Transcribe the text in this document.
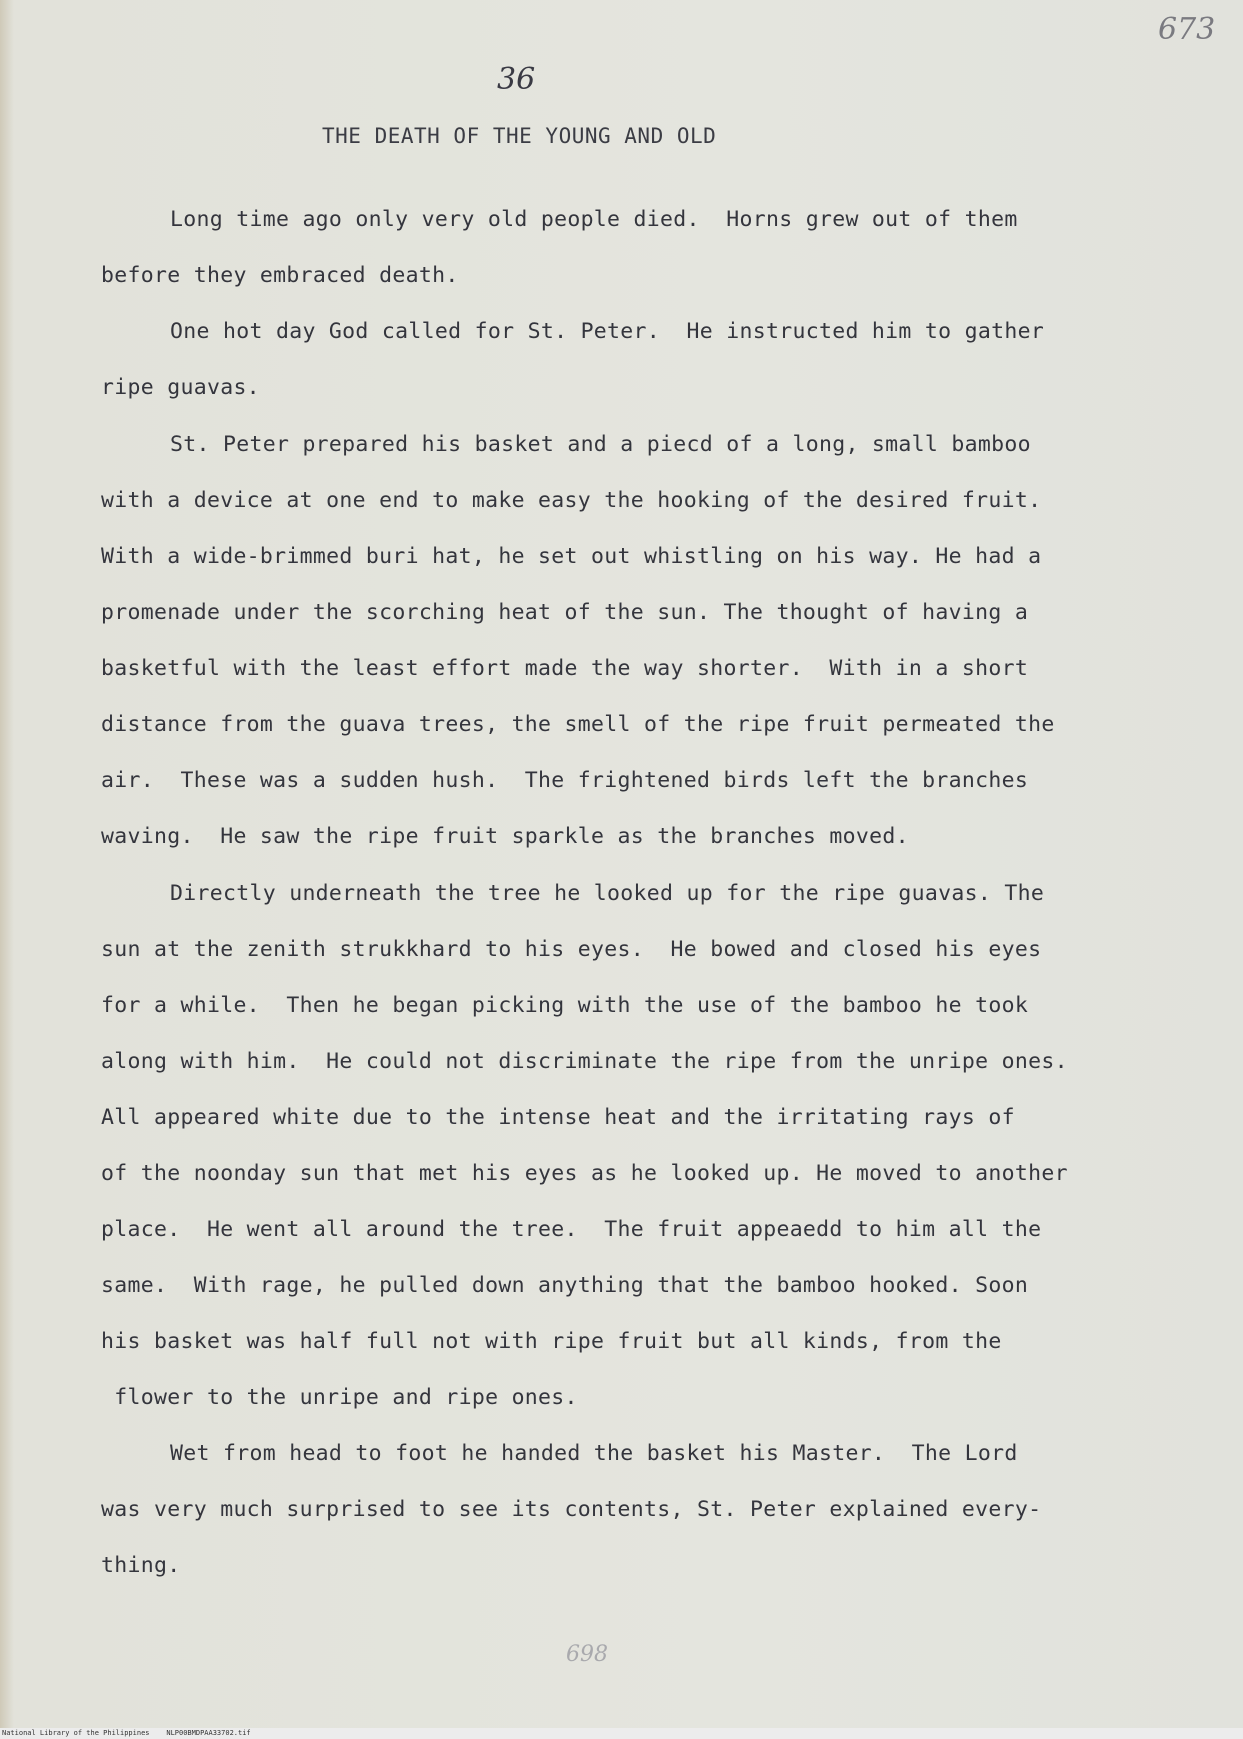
673
36
THE DEATH OF THE YOUNG AND OLD
Long time ago only very old people died.  Horns grew out of them
before they embraced death.
One hot day God called for St. Peter.  He instructed him to gather
ripe guavas.
St. Peter prepared his basket and a piecd of a long, small bamboo
with a device at one end to make easy the hooking of the desired fruit.
With a wide-brimmed buri hat, he set out whistling on his way. He had a
promenade under the scorching heat of the sun. The thought of having a
basketful with the least effort made the way shorter.  With in a short
distance from the guava trees, the smell of the ripe fruit permeated the
air.  These was a sudden hush.  The frightened birds left the branches
waving.  He saw the ripe fruit sparkle as the branches moved.
Directly underneath the tree he looked up for the ripe guavas. The
sun at the zenith strukkhard to his eyes.  He bowed and closed his eyes
for a while.  Then he began picking with the use of the bamboo he took
along with him.  He could not discriminate the ripe from the unripe ones.
All appeared white due to the intense heat and the irritating rays of
of the noonday sun that met his eyes as he looked up. He moved to another
place.  He went all around the tree.  The fruit appeaedd to him all the
same.  With rage, he pulled down anything that the bamboo hooked. Soon
his basket was half full not with ripe fruit but all kinds, from the
flower to the unripe and ripe ones.
Wet from head to foot he handed the basket his Master.  The Lord
was very much surprised to see its contents, St. Peter explained every-
thing.
698
National Library of the Philippines    NLP00BMDPAA33702.tif
